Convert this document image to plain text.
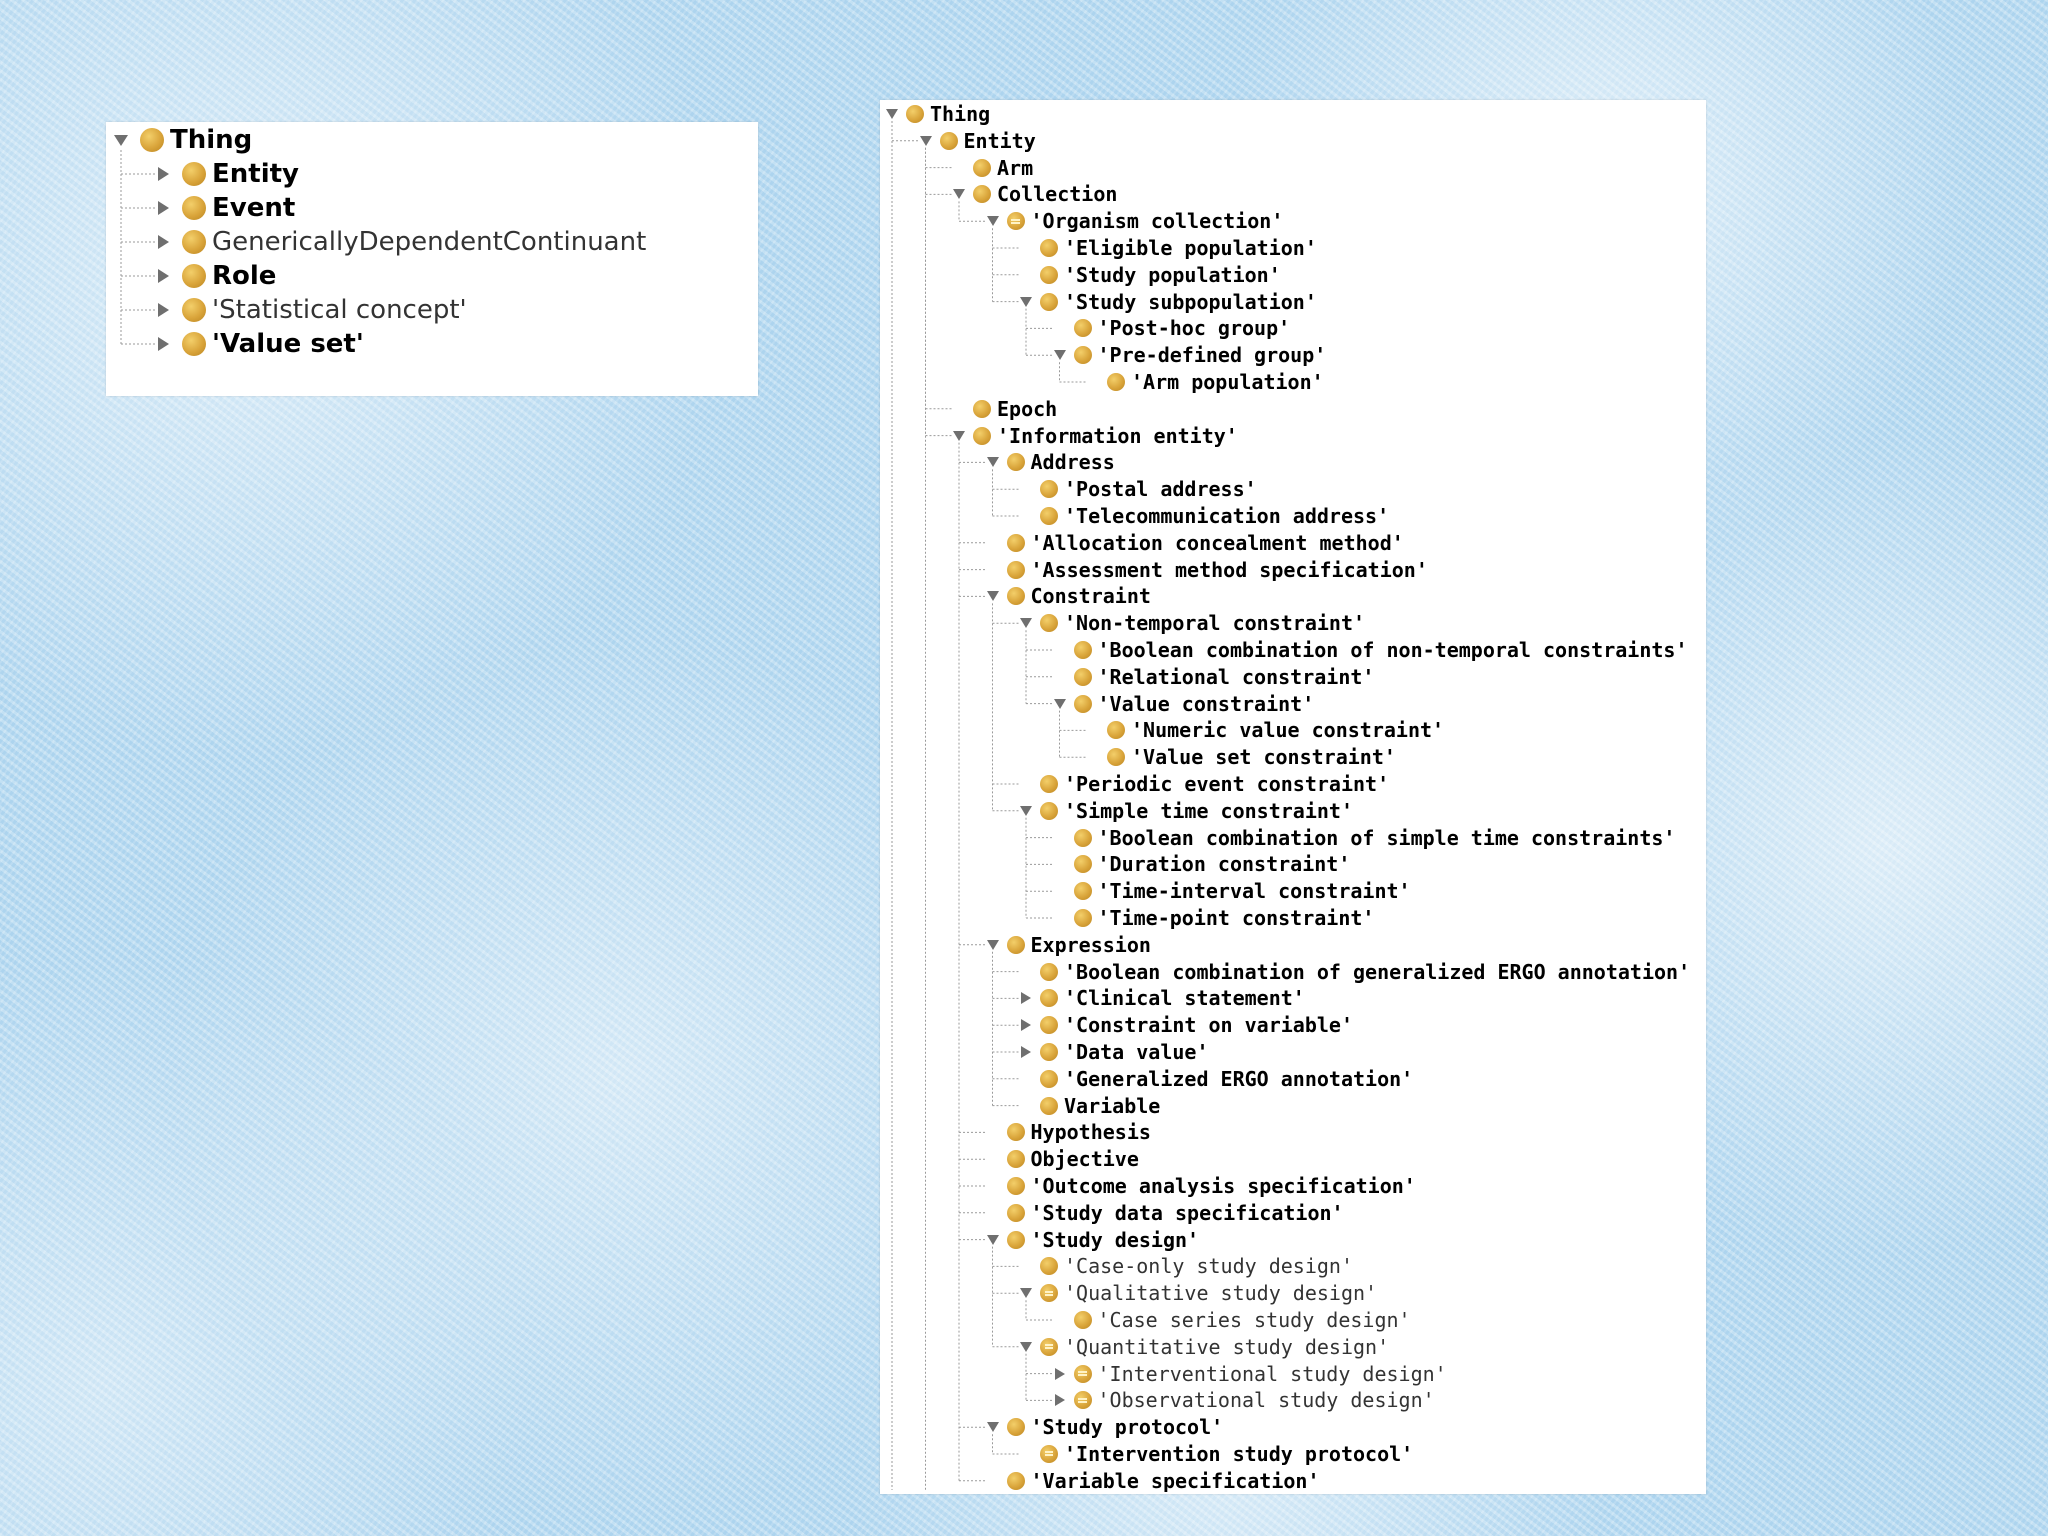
Thing
Entity
Event
GenericallyDependentContinuant
Role
'Statistical concept'
'Value set'
Thing
Entity
Arm
Collection
'Organism collection'
'Eligible population'
'Study population'
'Study subpopulation'
'Post-hoc group'
'Pre-defined group'
'Arm population'
Epoch
'Information entity'
Address
'Postal address'
'Telecommunication address'
'Allocation concealment method'
'Assessment method specification'
Constraint
'Non-temporal constraint'
'Boolean combination of non-temporal constraints'
'Relational constraint'
'Value constraint'
'Numeric value constraint'
'Value set constraint'
'Periodic event constraint'
'Simple time constraint'
'Boolean combination of simple time constraints'
'Duration constraint'
'Time-interval constraint'
'Time-point constraint'
Expression
'Boolean combination of generalized ERGO annotation'
'Clinical statement'
'Constraint on variable'
'Data value'
'Generalized ERGO annotation'
Variable
Hypothesis
Objective
'Outcome analysis specification'
'Study data specification'
'Study design'
'Case-only study design'
'Qualitative study design'
'Case series study design'
'Quantitative study design'
'Interventional study design'
'Observational study design'
'Study protocol'
'Intervention study protocol'
'Variable specification'
